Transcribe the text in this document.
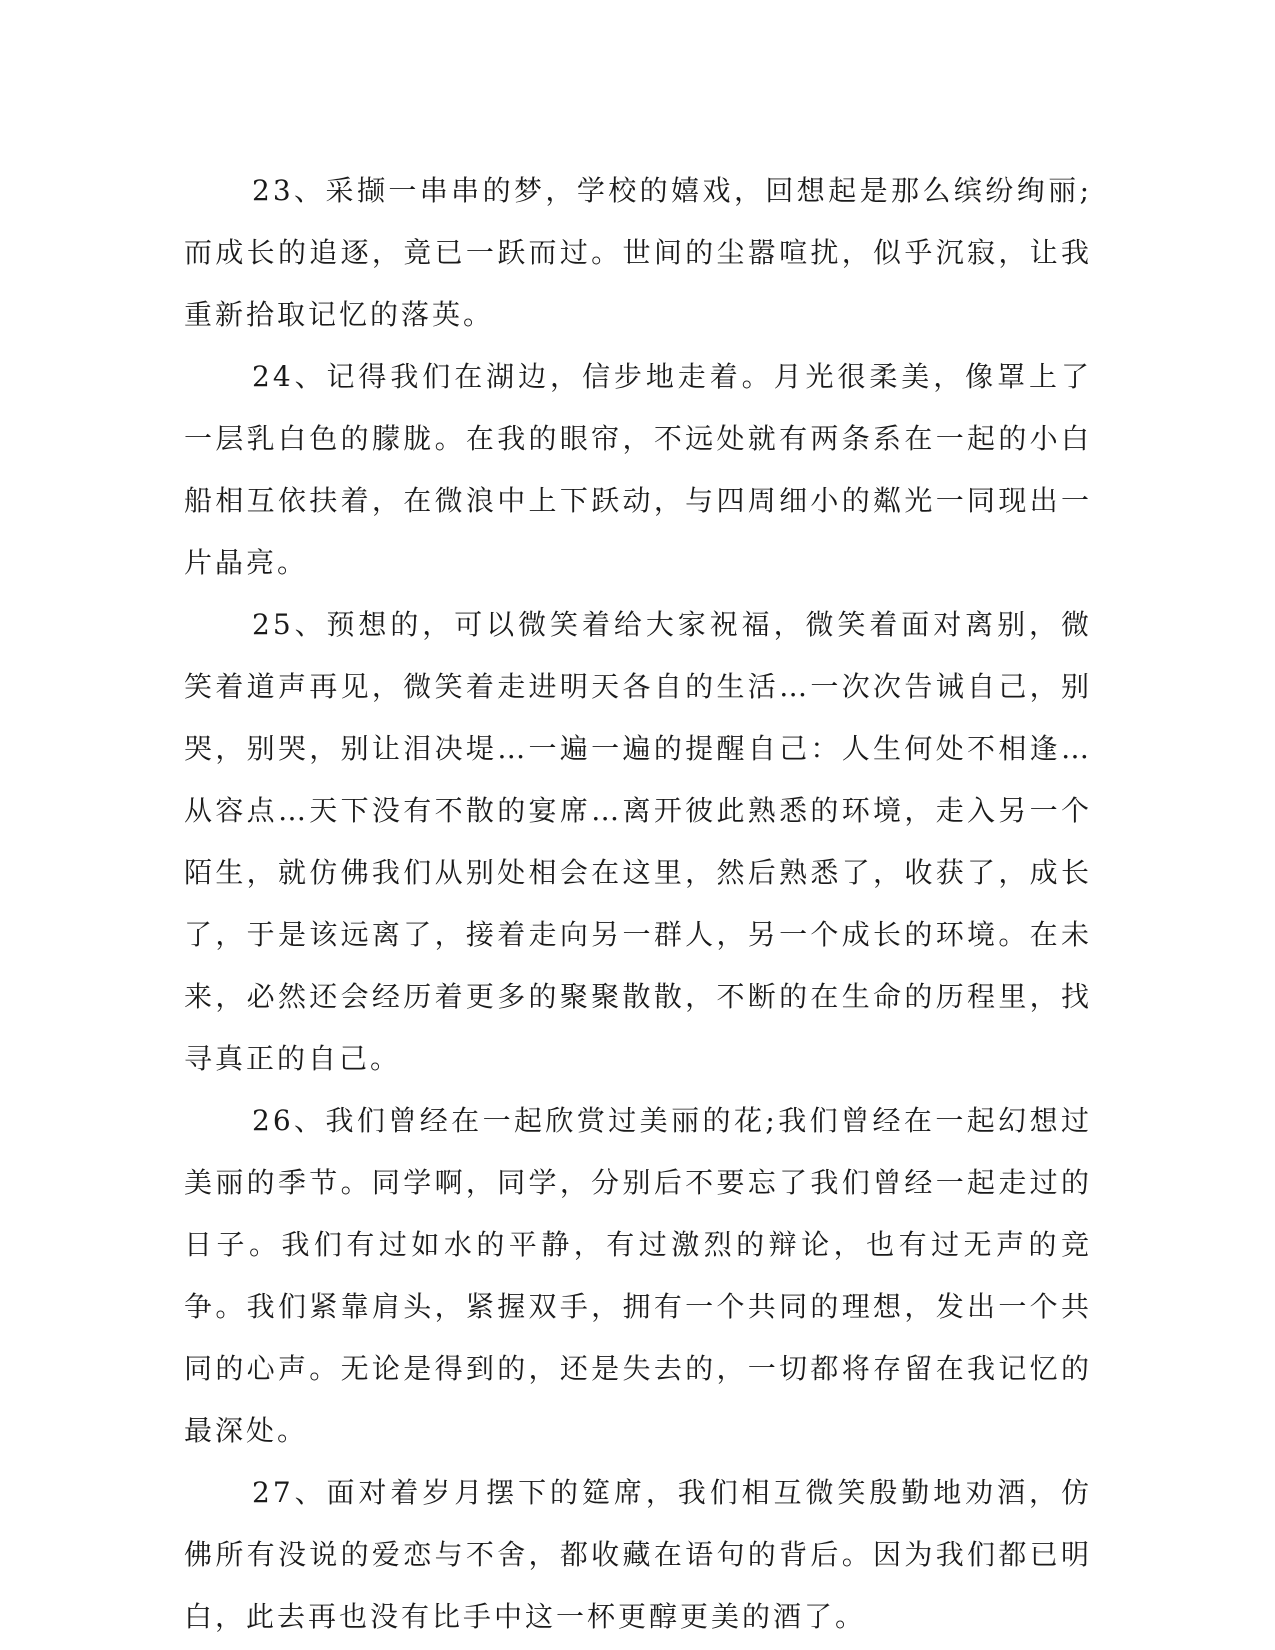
23、采撷一串串的梦，学校的嬉戏，回想起是那么缤纷绚丽;而成长的追逐，竟已一跃而过。世间的尘嚣喧扰，似乎沉寂，让我重新拾取记忆的落英。

24、记得我们在湖边，信步地走着。月光很柔美，像罩上了一层乳白色的朦胧。在我的眼帘，不远处就有两条系在一起的小白船相互依扶着，在微浪中上下跃动，与四周细小的粼光一同现出一片晶亮。

25、预想的，可以微笑着给大家祝福，微笑着面对离别，微笑着道声再见，微笑着走进明天各自的生活…一次次告诫自己，别哭，别哭，别让泪决堤…一遍一遍的提醒自己：人生何处不相逢…从容点…天下没有不散的宴席…离开彼此熟悉的环境，走入另一个陌生，就仿佛我们从别处相会在这里，然后熟悉了，收获了，成长了，于是该远离了，接着走向另一群人，另一个成长的环境。在未来，必然还会经历着更多的聚聚散散，不断的在生命的历程里，找寻真正的自己。

26、我们曾经在一起欣赏过美丽的花;我们曾经在一起幻想过美丽的季节。同学啊，同学，分别后不要忘了我们曾经一起走过的日子。我们有过如水的平静，有过激烈的辩论，也有过无声的竞争。我们紧靠肩头，紧握双手，拥有一个共同的理想，发出一个共同的心声。无论是得到的，还是失去的，一切都将存留在我记忆的最深处。

27、面对着岁月摆下的筵席，我们相互微笑殷勤地劝酒，仿佛所有没说的爱恋与不舍，都收藏在语句的背后。因为我们都已明白，此去再也没有比手中这一杯更醇更美的酒了。
